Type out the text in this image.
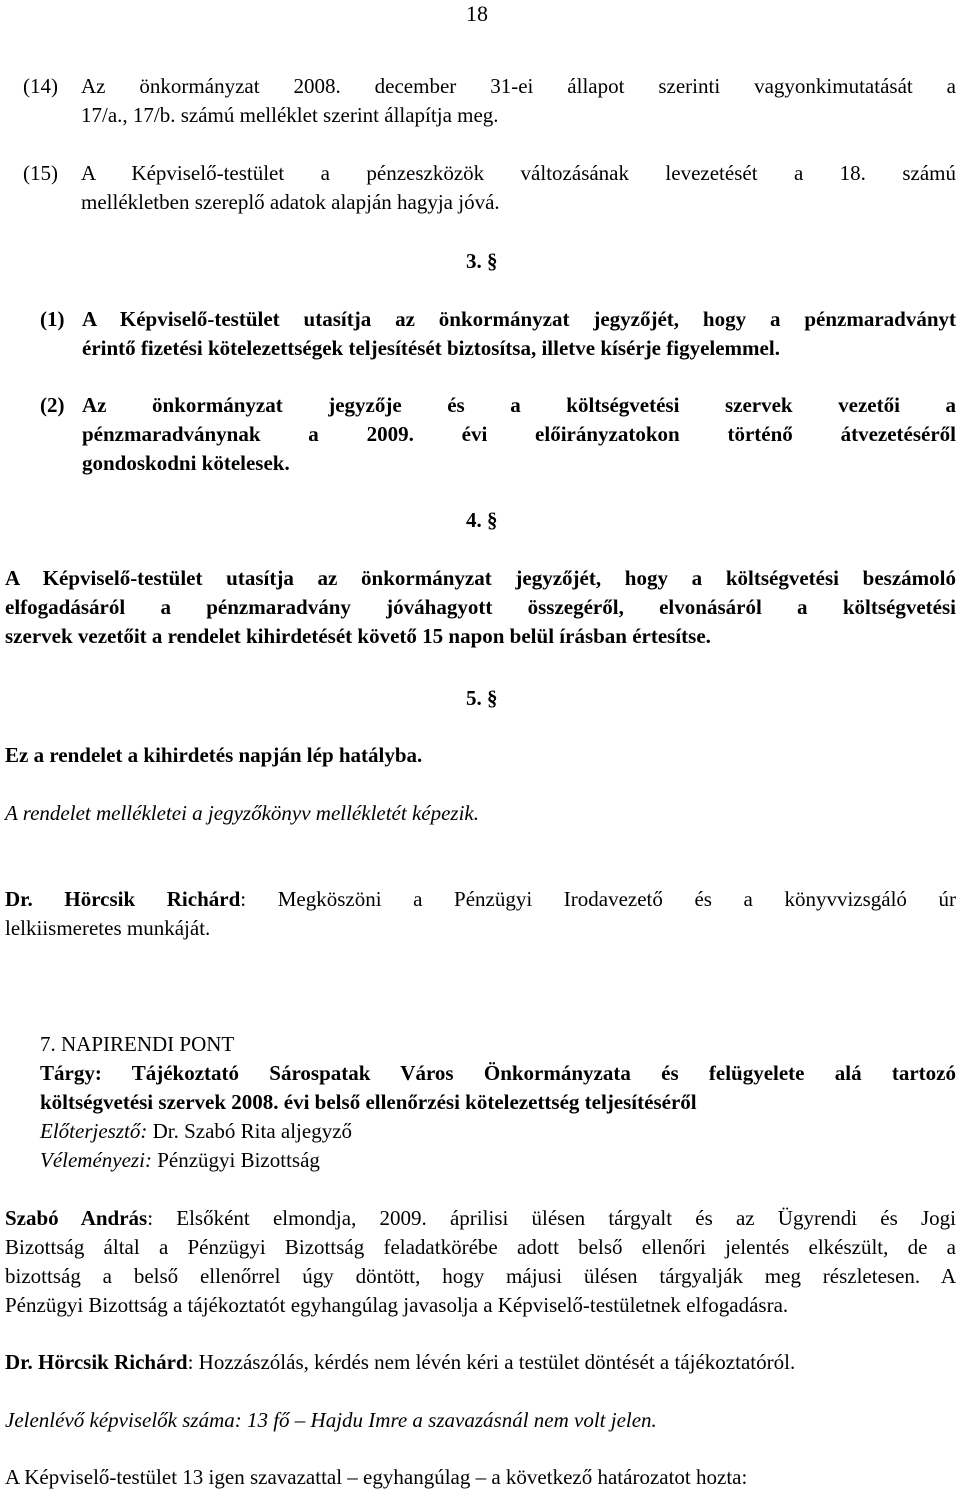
18
(14)	Az önkormányzat 2008. december 31-ei állapot szerinti vagyonkimutatását a
17/a., 17/b. számú melléklet szerint állapítja meg.
(15)	A Képviselő-testület a pénzeszközök változásának levezetését a 18. számú
mellékletben szereplő adatok alapján hagyja jóvá.
3. §
(1) A Képviselő-testület utasítja az önkormányzat jegyzőjét, hogy a pénzmaradványt
érintő fizetési kötelezettségek teljesítését biztosítsa, illetve kísérje figyelemmel.
(2) Az önkormányzat jegyzője és a költségvetési szervek vezetői a
pénzmaradványnak a 2009. évi előirányzatokon történő átvezetéséről
gondoskodni kötelesek.
4. §
A Képviselő-testület utasítja az önkormányzat jegyzőjét, hogy a költségvetési beszámoló
elfogadásáról a pénzmaradvány jóváhagyott összegéről, elvonásáról a költségvetési
szervek vezetőit a rendelet kihirdetését követő 15 napon belül írásban értesítse.
5. §
Ez a rendelet a kihirdetés napján lép hatályba.
A rendelet mellékletei a jegyzőkönyv mellékletét képezik.
Dr. Hörcsik Richárd: Megköszöni a Pénzügyi Irodavezető és a könyvvizsgáló úr
lelkiismeretes munkáját.
7. NAPIRENDI PONT
Tárgy: Tájékoztató Sárospatak Város Önkormányzata és felügyelete alá tartozó
költségvetési szervek 2008. évi belső ellenőrzési kötelezettség teljesítéséről
Előterjesztő: Dr. Szabó Rita aljegyző
Véleményezi: Pénzügyi Bizottság
Szabó András: Elsőként elmondja, 2009. áprilisi ülésen tárgyalt és az Ügyrendi és Jogi
Bizottság által a Pénzügyi Bizottság feladatkörébe adott belső ellenőri jelentés elkészült, de a
bizottság a belső ellenőrrel úgy döntött, hogy májusi ülésen tárgyalják meg részletesen. A
Pénzügyi Bizottság a tájékoztatót egyhangúlag javasolja a Képviselő-testületnek elfogadásra.
Dr. Hörcsik Richárd: Hozzászólás, kérdés nem lévén kéri a testület döntését a tájékoztatóról.
Jelenlévő képviselők száma: 13 fő – Hajdu Imre a szavazásnál nem volt jelen.
A Képviselő-testület 13 igen szavazattal – egyhangúlag – a következő határozatot hozta:
